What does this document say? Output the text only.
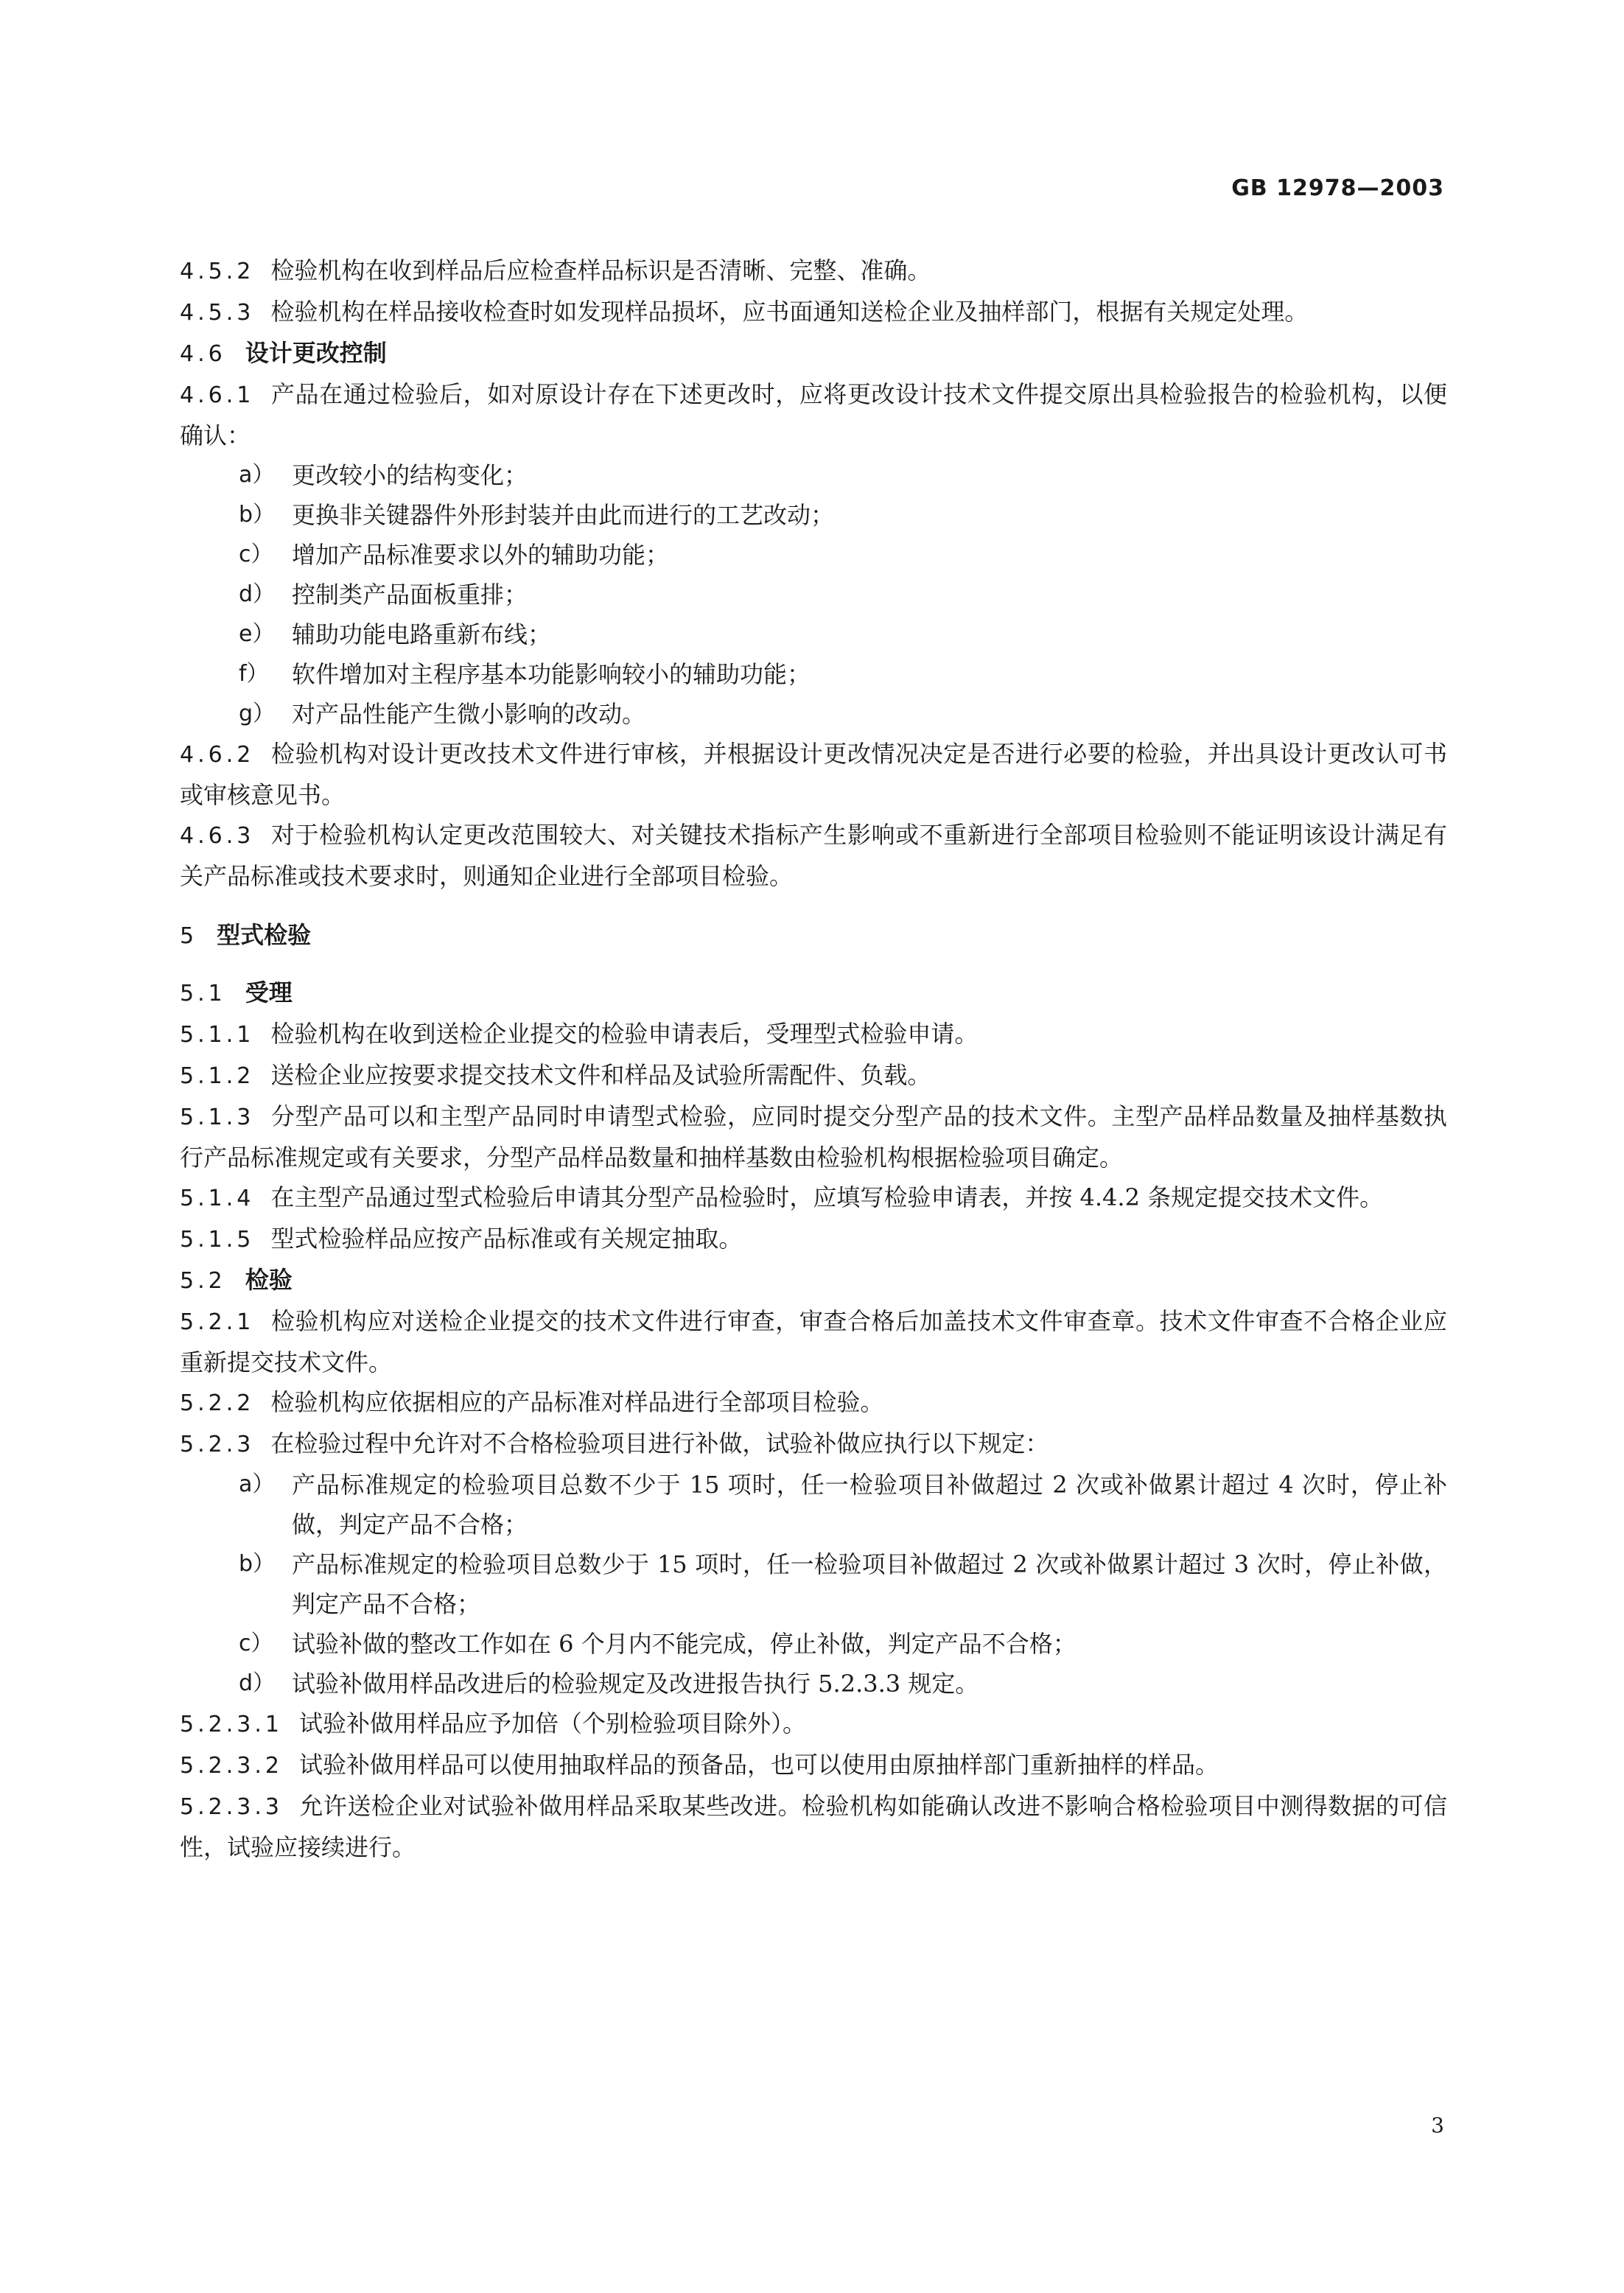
GB 12978—2003

4.5.2 检验机构在收到样品后应检查样品标识是否清晰、完整、准确。

4.5.3 检验机构在样品接收检查时如发现样品损坏，应书面通知送检企业及抽样部门，根据有关规定处理。

4.6 设计更改控制

4.6.1 产品在通过检验后，如对原设计存在下述更改时，应将更改设计技术文件提交原出具检验报告的检验机构，以便确认：

a） 更改较小的结构变化；
b） 更换非关键器件外形封装并由此而进行的工艺改动；
c） 增加产品标准要求以外的辅助功能；
d） 控制类产品面板重排；
e） 辅助功能电路重新布线；
f） 软件增加对主程序基本功能影响较小的辅助功能；
g） 对产品性能产生微小影响的改动。

4.6.2 检验机构对设计更改技术文件进行审核，并根据设计更改情况决定是否进行必要的检验，并出具设计更改认可书或审核意见书。

4.6.3 对于检验机构认定更改范围较大、对关键技术指标产生影响或不重新进行全部项目检验则不能证明该设计满足有关产品标准或技术要求时，则通知企业进行全部项目检验。

5 型式检验
5.1 受理

5.1.1 检验机构在收到送检企业提交的检验申请表后，受理型式检验申请。

5.1.2 送检企业应按要求提交技术文件和样品及试验所需配件、负载。

5.1.3 分型产品可以和主型产品同时申请型式检验，应同时提交分型产品的技术文件。主型产品样品数量及抽样基数执行产品标准规定或有关要求，分型产品样品数量和抽样基数由检验机构根据检验项目确定。

5.1.4 在主型产品通过型式检验后申请其分型产品检验时，应填写检验申请表，并按 4.4.2 条规定提交技术文件。

5.1.5 型式检验样品应按产品标准或有关规定抽取。

5.2 检验

5.2.1 检验机构应对送检企业提交的技术文件进行审查，审查合格后加盖技术文件审查章。技术文件审查不合格企业应重新提交技术文件。

5.2.2 检验机构应依据相应的产品标准对样品进行全部项目检验。

5.2.3 在检验过程中允许对不合格检验项目进行补做，试验补做应执行以下规定：

a） 产品标准规定的检验项目总数不少于 15 项时，任一检验项目补做超过 2 次或补做累计超过 4 次时，停止补做，判定产品不合格；
b） 产品标准规定的检验项目总数少于 15 项时，任一检验项目补做超过 2 次或补做累计超过 3 次时，停止补做，判定产品不合格；
c） 试验补做的整改工作如在 6 个月内不能完成，停止补做，判定产品不合格；
d） 试验补做用样品改进后的检验规定及改进报告执行 5.2.3.3 规定。

5.2.3.1 试验补做用样品应予加倍（个别检验项目除外）。

5.2.3.2 试验补做用样品可以使用抽取样品的预备品，也可以使用由原抽样部门重新抽样的样品。

5.2.3.3 允许送检企业对试验补做用样品采取某些改进。检验机构如能确认改进不影响合格检验项目中测得数据的可信性，试验应接续进行。

3
